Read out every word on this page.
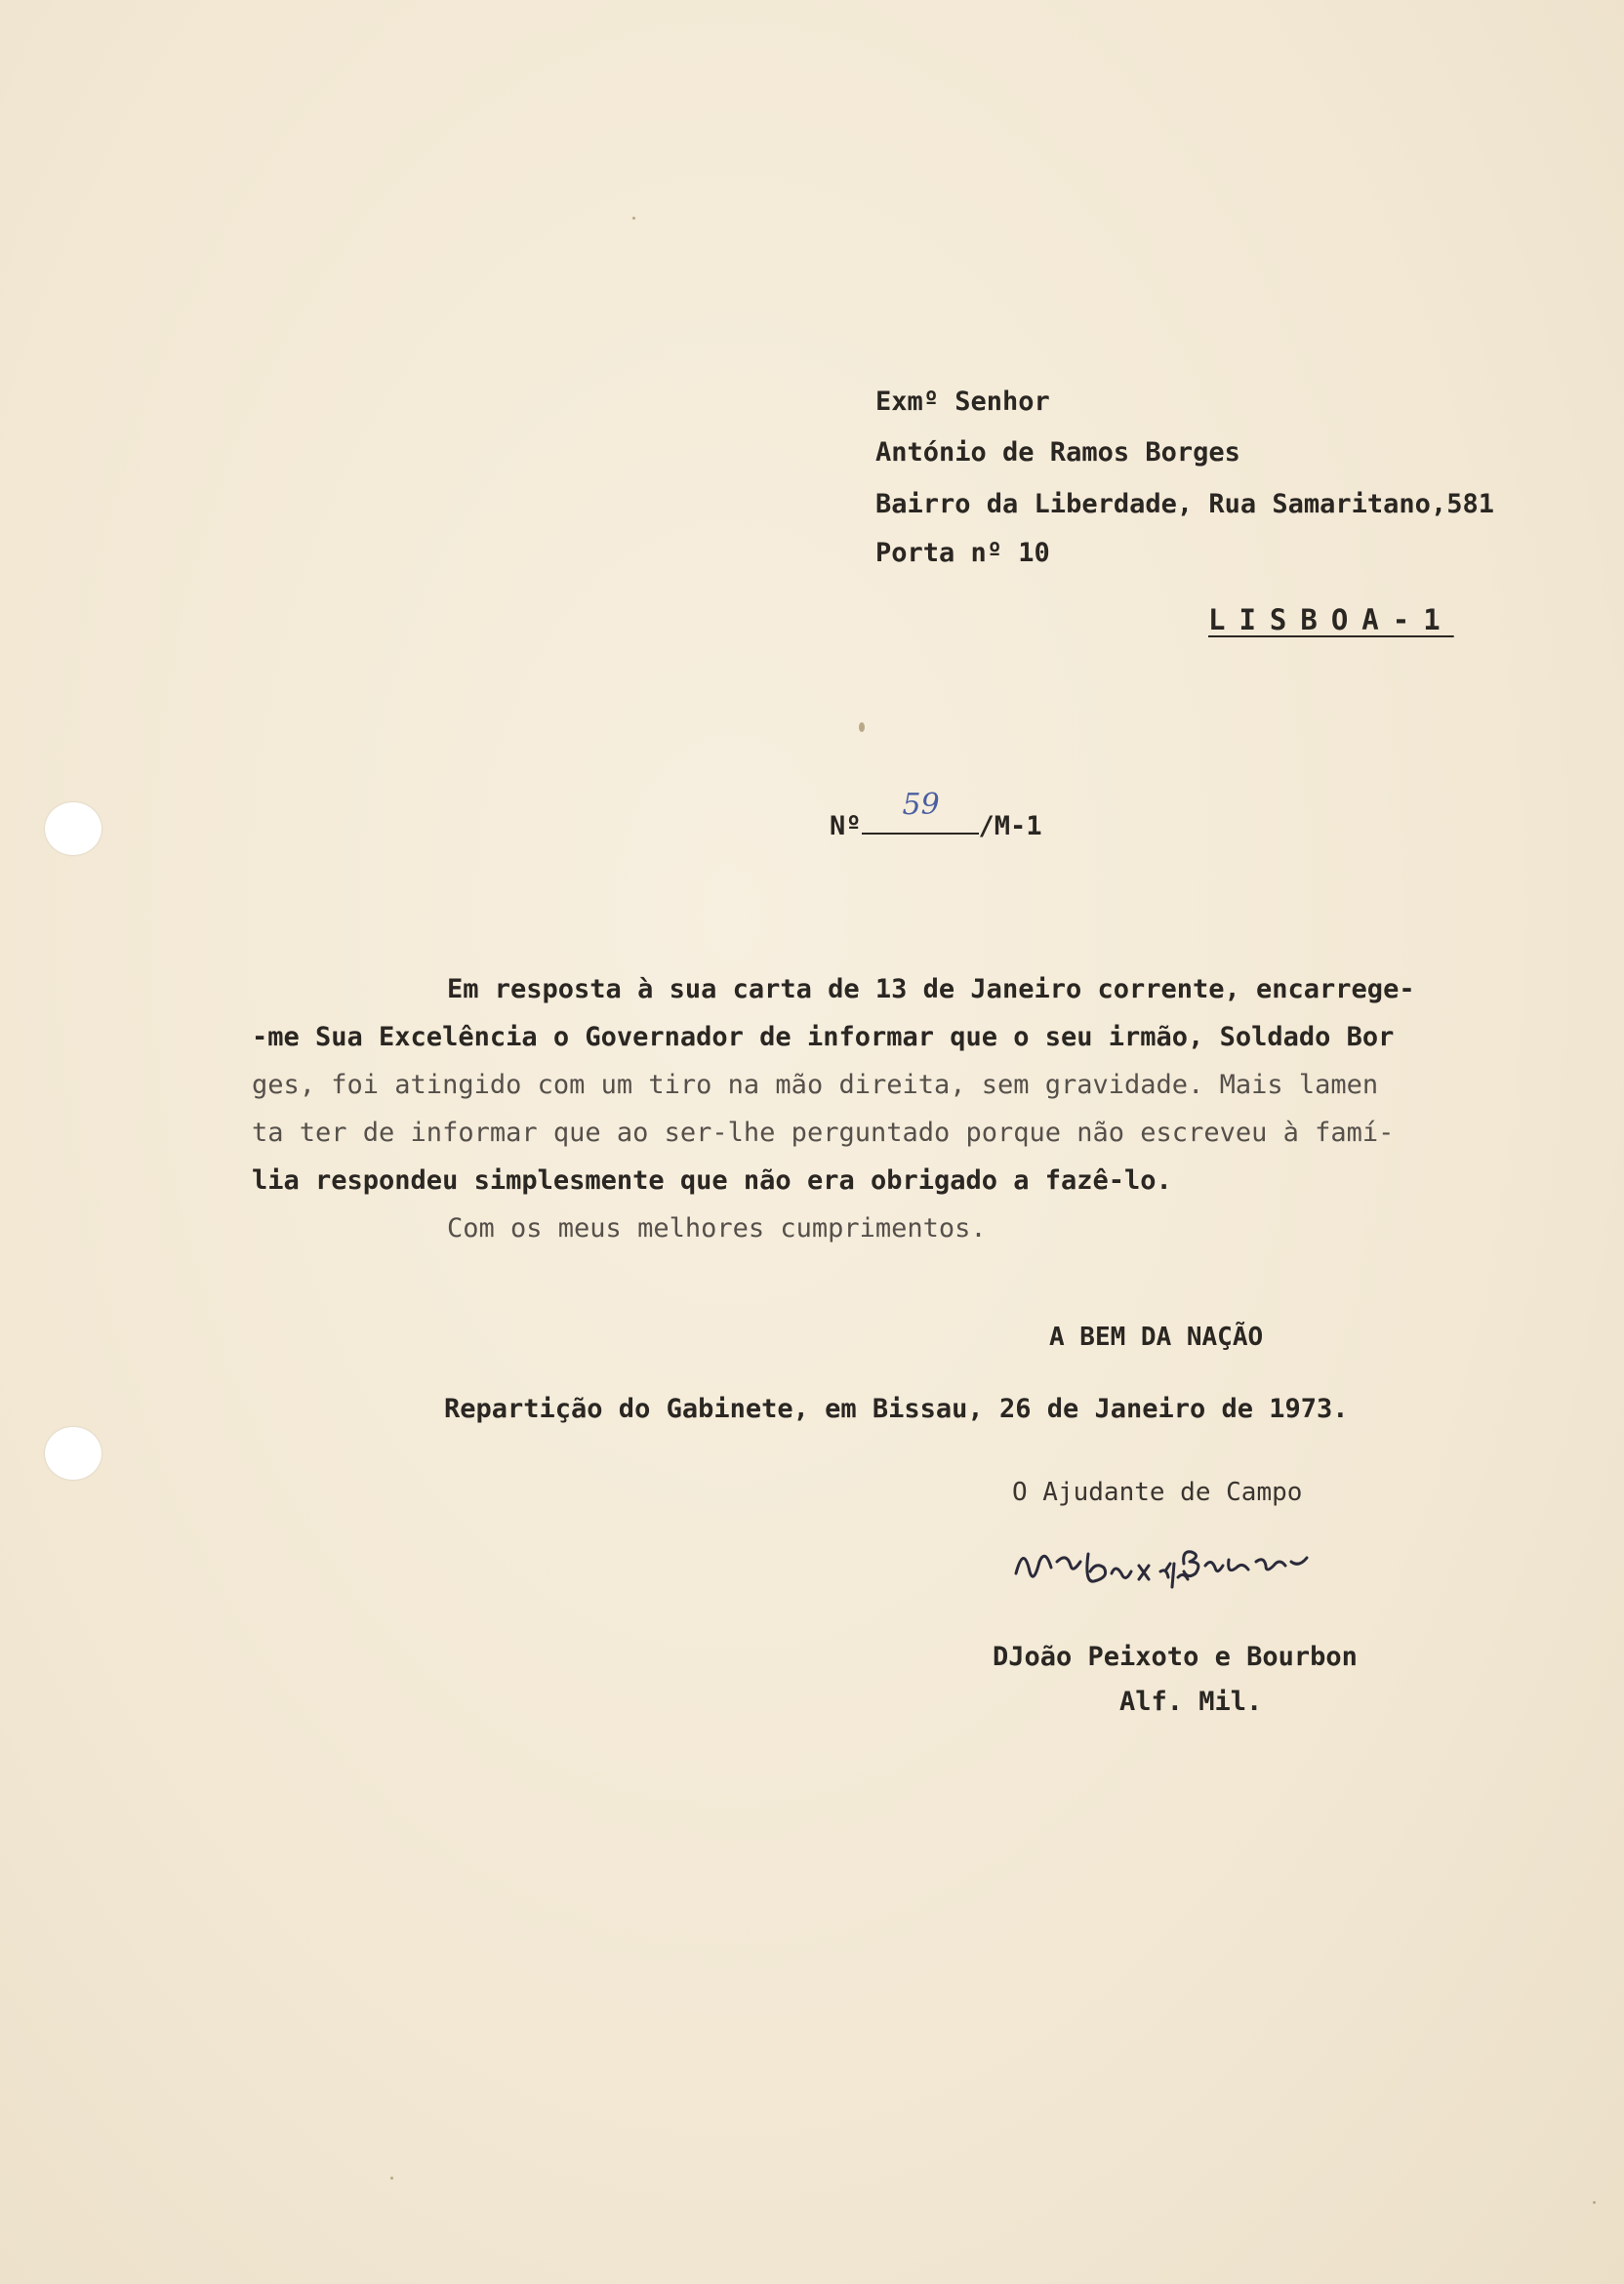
Exmº Senhor
António de Ramos Borges
Bairro da Liberdade, Rua Samaritano,581
Porta nº 10
LISBOA-1

Nº
59
/M-1

Em resposta à sua carta de 13 de Janeiro corrente, encarrege-
-me Sua Excelência o Governador de informar que o seu irmão, Soldado Bor
ges, foi atingido com um tiro na mão direita, sem gravidade. Mais lamen
ta ter de informar que ao ser-lhe perguntado porque não escreveu à famí-
lia respondeu simplesmente que não era obrigado a fazê-lo.
Com os meus melhores cumprimentos.
A BEM DA NAÇÃO
Repartição do Gabinete, em Bissau, 26 de Janeiro de 1973.
O Ajudante de Campo
DJoão Peixoto e Bourbon
Alf. Mil.
